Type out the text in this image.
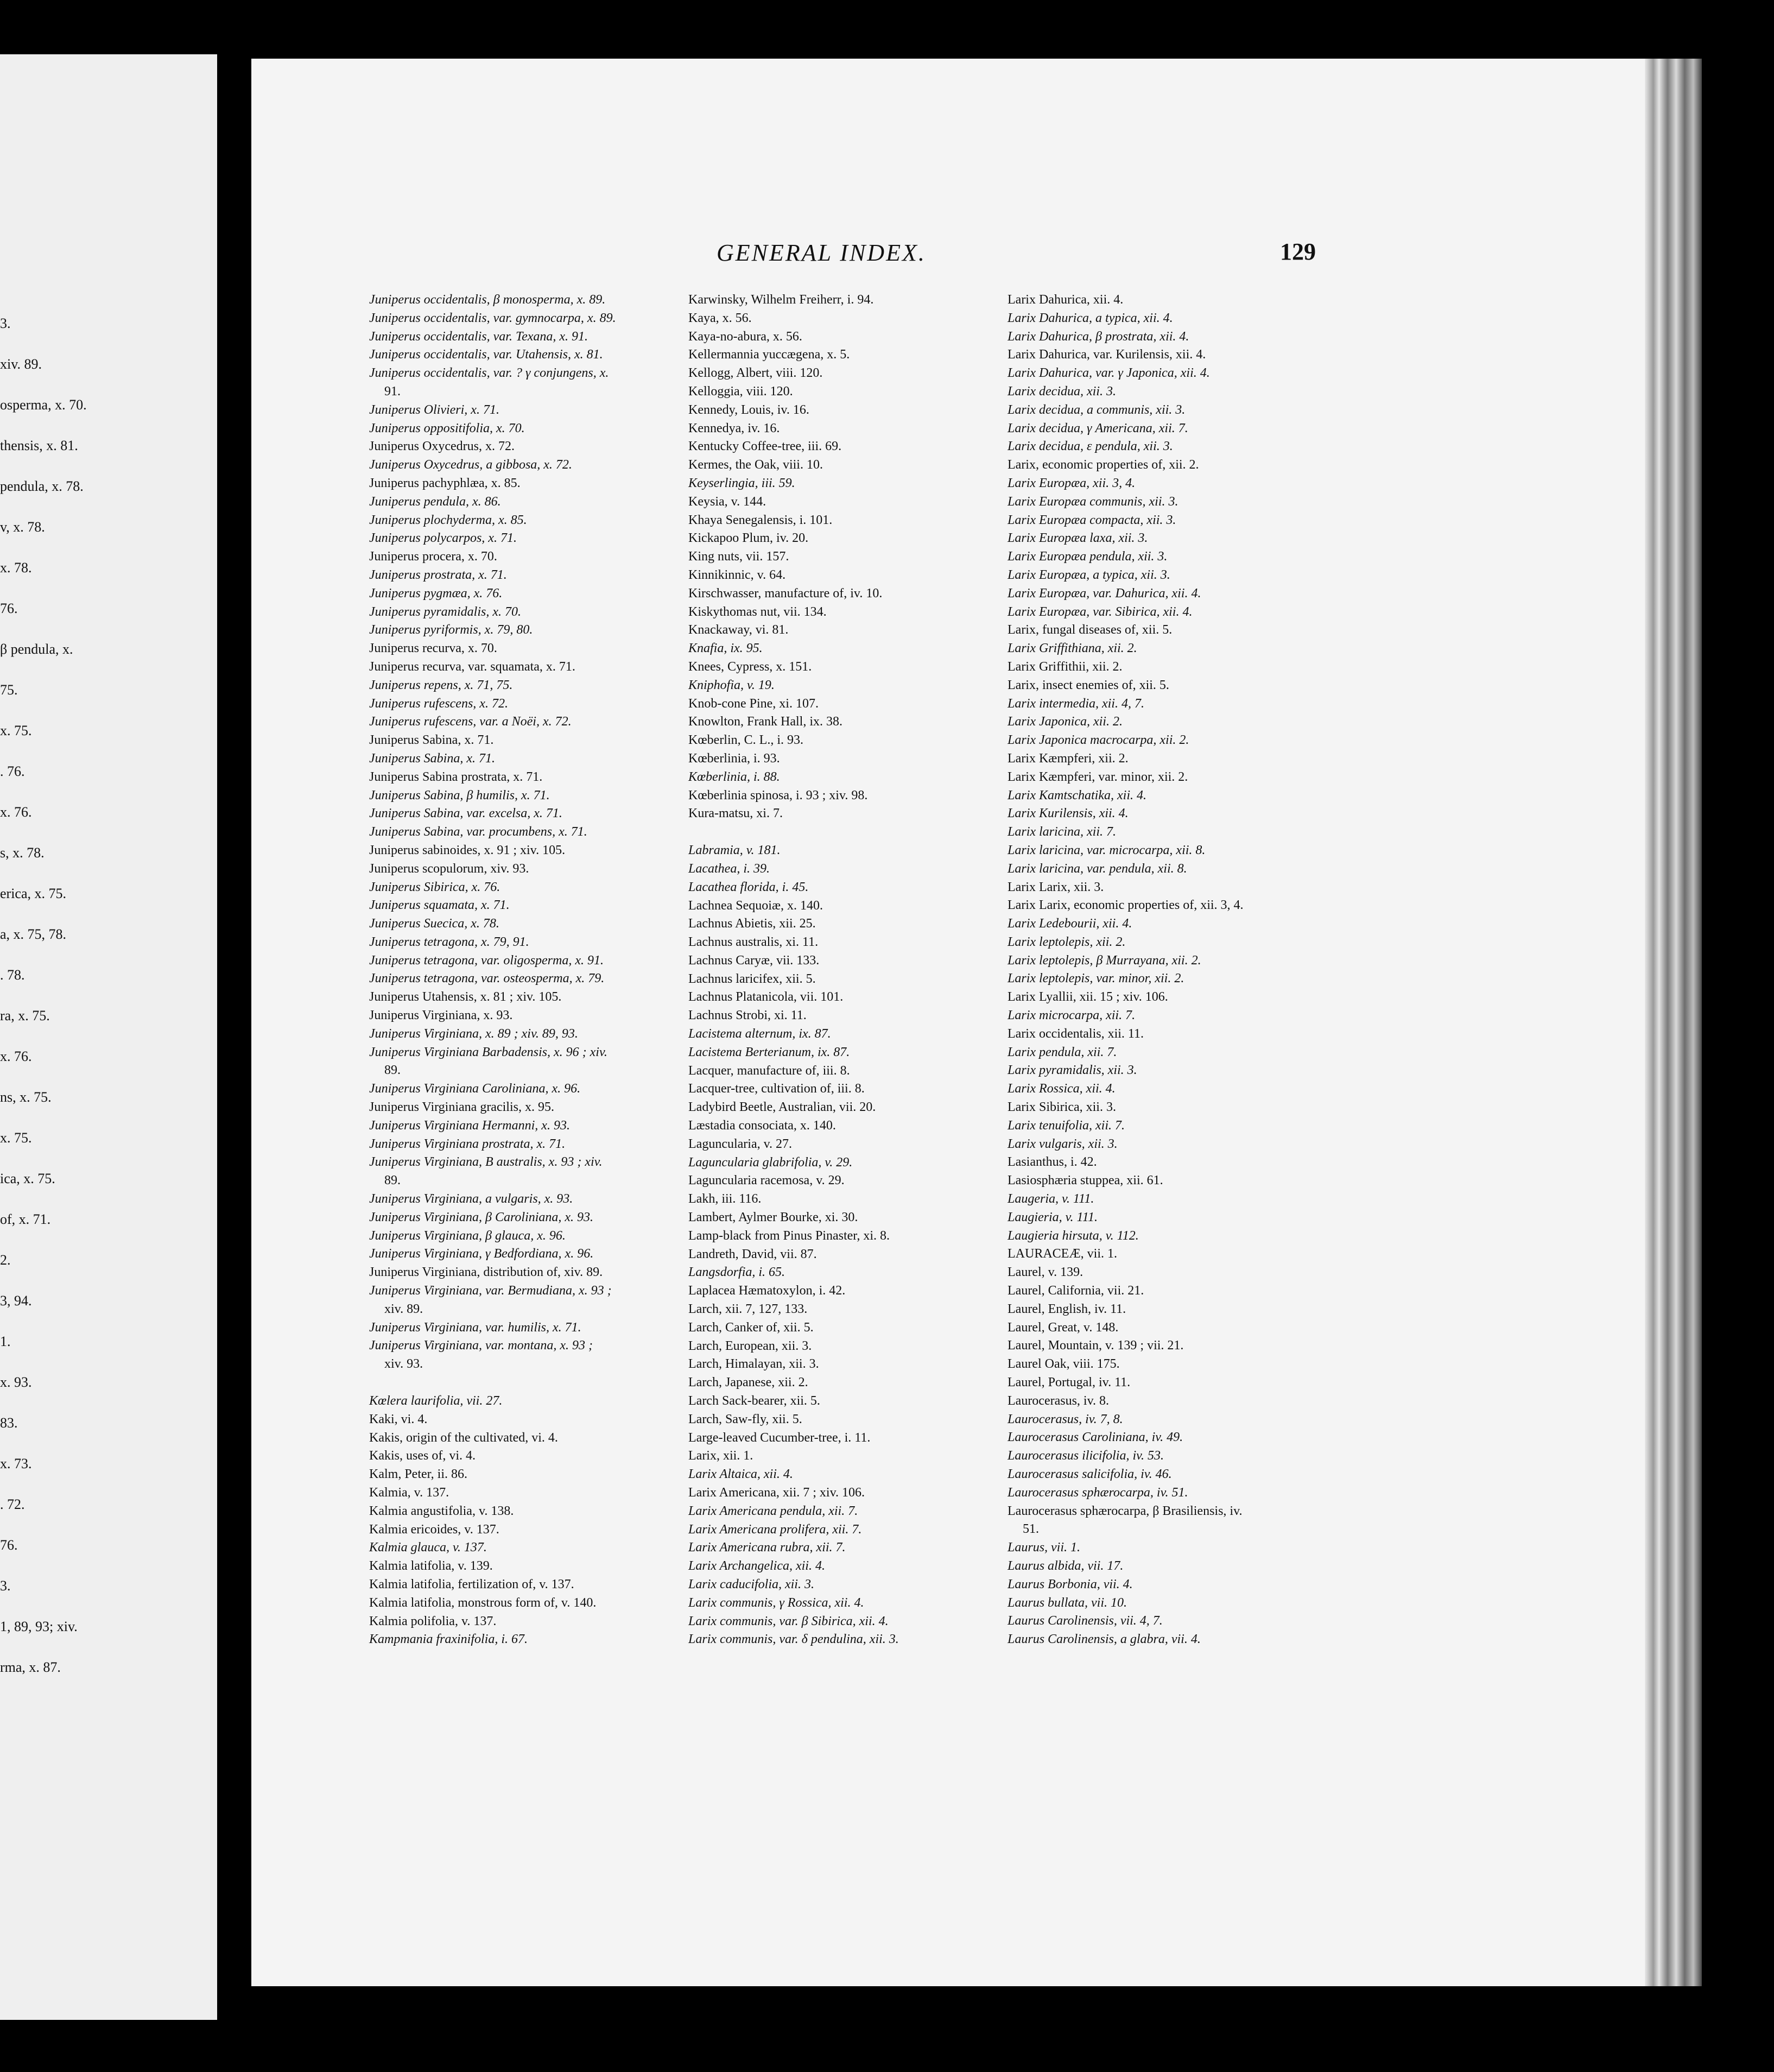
3.
xiv. 89.
osperma, x. 70.
thensis, x. 81.
pendula, x. 78.
v, x. 78.
x. 78.
76.
β pendula, x.
75.
x. 75.
. 76.
x. 76.
s, x. 78.
erica, x. 75.
a, x. 75, 78.
. 78.
ra, x. 75.
x. 76.
ns, x. 75.
x. 75.
ica, x. 75.
of, x. 71.
2.
3, 94.
1.
x. 93.
83.
x. 73.
. 72.
76.
3.
1, 89, 93; xiv.
rma, x. 87.
GENERAL INDEX.	129
Juniperus occidentalis, β monosperma, x. 89.
Juniperus occidentalis, var. gymnocarpa, x. 89.
Juniperus occidentalis, var. Texana, x. 91.
Juniperus occidentalis, var. Utahensis, x. 81.
Juniperus occidentalis, var. ? γ conjungens, x.
91.
Juniperus Olivieri, x. 71.
Juniperus oppositifolia, x. 70.
Juniperus Oxycedrus, x. 72.
Juniperus Oxycedrus, a gibbosa, x. 72.
Juniperus pachyphlæa, x. 85.
Juniperus pendula, x. 86.
Juniperus plochyderma, x. 85.
Juniperus polycarpos, x. 71.
Juniperus procera, x. 70.
Juniperus prostrata, x. 71.
Juniperus pygmæa, x. 76.
Juniperus pyramidalis, x. 70.
Juniperus pyriformis, x. 79, 80.
Juniperus recurva, x. 70.
Juniperus recurva, var. squamata, x. 71.
Juniperus repens, x. 71, 75.
Juniperus rufescens, x. 72.
Juniperus rufescens, var. a Noëi, x. 72.
Juniperus Sabina, x. 71.
Juniperus Sabina, x. 71.
Juniperus Sabina prostrata, x. 71.
Juniperus Sabina, β humilis, x. 71.
Juniperus Sabina, var. excelsa, x. 71.
Juniperus Sabina, var. procumbens, x. 71.
Juniperus sabinoides, x. 91 ; xiv. 105.
Juniperus scopulorum, xiv. 93.
Juniperus Sibirica, x. 76.
Juniperus squamata, x. 71.
Juniperus Suecica, x. 78.
Juniperus tetragona, x. 79, 91.
Juniperus tetragona, var. oligosperma, x. 91.
Juniperus tetragona, var. osteosperma, x. 79.
Juniperus Utahensis, x. 81 ; xiv. 105.
Juniperus Virginiana, x. 93.
Juniperus Virginiana, x. 89 ; xiv. 89, 93.
Juniperus Virginiana Barbadensis, x. 96 ; xiv.
89.
Juniperus Virginiana Caroliniana, x. 96.
Juniperus Virginiana gracilis, x. 95.
Juniperus Virginiana Hermanni, x. 93.
Juniperus Virginiana prostrata, x. 71.
Juniperus Virginiana, B australis, x. 93 ; xiv.
89.
Juniperus Virginiana, a vulgaris, x. 93.
Juniperus Virginiana, β Caroliniana, x. 93.
Juniperus Virginiana, β glauca, x. 96.
Juniperus Virginiana, γ Bedfordiana, x. 96.
Juniperus Virginiana, distribution of, xiv. 89.
Juniperus Virginiana, var. Bermudiana, x. 93 ;
xiv. 89.
Juniperus Virginiana, var. humilis, x. 71.
Juniperus Virginiana, var. montana, x. 93 ;
xiv. 93.
Kœlera laurifolia, vii. 27.
Kaki, vi. 4.
Kakis, origin of the cultivated, vi. 4.
Kakis, uses of, vi. 4.
Kalm, Peter, ii. 86.
Kalmia, v. 137.
Kalmia angustifolia, v. 138.
Kalmia ericoides, v. 137.
Kalmia glauca, v. 137.
Kalmia latifolia, v. 139.
Kalmia latifolia, fertilization of, v. 137.
Kalmia latifolia, monstrous form of, v. 140.
Kalmia polifolia, v. 137.
Kampmania fraxinifolia, i. 67.
Karwinsky, Wilhelm Freiherr, i. 94.
Kaya, x. 56.
Kaya-no-abura, x. 56.
Kellermannia yuccægena, x. 5.
Kellogg, Albert, viii. 120.
Kelloggia, viii. 120.
Kennedy, Louis, iv. 16.
Kennedya, iv. 16.
Kentucky Coffee-tree, iii. 69.
Kermes, the Oak, viii. 10.
Keyserlingia, iii. 59.
Keysia, v. 144.
Khaya Senegalensis, i. 101.
Kickapoo Plum, iv. 20.
King nuts, vii. 157.
Kinnikinnic, v. 64.
Kirschwasser, manufacture of, iv. 10.
Kiskythomas nut, vii. 134.
Knackaway, vi. 81.
Knafia, ix. 95.
Knees, Cypress, x. 151.
Kniphofia, v. 19.
Knob-cone Pine, xi. 107.
Knowlton, Frank Hall, ix. 38.
Kœberlin, C. L., i. 93.
Kœberlinia, i. 93.
Kœberlinia, i. 88.
Kœberlinia spinosa, i. 93 ; xiv. 98.
Kura-matsu, xi. 7.
Labramia, v. 181.
Lacathea, i. 39.
Lacathea florida, i. 45.
Lachnea Sequoiæ, x. 140.
Lachnus Abietis, xii. 25.
Lachnus australis, xi. 11.
Lachnus Caryæ, vii. 133.
Lachnus laricifex, xii. 5.
Lachnus Platanicola, vii. 101.
Lachnus Strobi, xi. 11.
Lacistema alternum, ix. 87.
Lacistema Berterianum, ix. 87.
Lacquer, manufacture of, iii. 8.
Lacquer-tree, cultivation of, iii. 8.
Ladybird Beetle, Australian, vii. 20.
Læstadia consociata, x. 140.
Laguncularia, v. 27.
Laguncularia glabrifolia, v. 29.
Laguncularia racemosa, v. 29.
Lakh, iii. 116.
Lambert, Aylmer Bourke, xi. 30.
Lamp-black from Pinus Pinaster, xi. 8.
Landreth, David, vii. 87.
Langsdorfia, i. 65.
Laplacea Hæmatoxylon, i. 42.
Larch, xii. 7, 127, 133.
Larch, Canker of, xii. 5.
Larch, European, xii. 3.
Larch, Himalayan, xii. 3.
Larch, Japanese, xii. 2.
Larch Sack-bearer, xii. 5.
Larch, Saw-fly, xii. 5.
Large-leaved Cucumber-tree, i. 11.
Larix, xii. 1.
Larix Altaica, xii. 4.
Larix Americana, xii. 7 ; xiv. 106.
Larix Americana pendula, xii. 7.
Larix Americana prolifera, xii. 7.
Larix Americana rubra, xii. 7.
Larix Archangelica, xii. 4.
Larix caducifolia, xii. 3.
Larix communis, γ Rossica, xii. 4.
Larix communis, var. β Sibirica, xii. 4.
Larix communis, var. δ pendulina, xii. 3.
Larix Dahurica, xii. 4.
Larix Dahurica, a typica, xii. 4.
Larix Dahurica, β prostrata, xii. 4.
Larix Dahurica, var. Kurilensis, xii. 4.
Larix Dahurica, var. γ Japonica, xii. 4.
Larix decidua, xii. 3.
Larix decidua, a communis, xii. 3.
Larix decidua, γ Americana, xii. 7.
Larix decidua, ε pendula, xii. 3.
Larix, economic properties of, xii. 2.
Larix Europæa, xii. 3, 4.
Larix Europæa communis, xii. 3.
Larix Europæa compacta, xii. 3.
Larix Europæa laxa, xii. 3.
Larix Europæa pendula, xii. 3.
Larix Europæa, a typica, xii. 3.
Larix Europæa, var. Dahurica, xii. 4.
Larix Europæa, var. Sibirica, xii. 4.
Larix, fungal diseases of, xii. 5.
Larix Griffithiana, xii. 2.
Larix Griffithii, xii. 2.
Larix, insect enemies of, xii. 5.
Larix intermedia, xii. 4, 7.
Larix Japonica, xii. 2.
Larix Japonica macrocarpa, xii. 2.
Larix Kæmpferi, xii. 2.
Larix Kæmpferi, var. minor, xii. 2.
Larix Kamtschatika, xii. 4.
Larix Kurilensis, xii. 4.
Larix laricina, xii. 7.
Larix laricina, var. microcarpa, xii. 8.
Larix laricina, var. pendula, xii. 8.
Larix Larix, xii. 3.
Larix Larix, economic properties of, xii. 3, 4.
Larix Ledebourii, xii. 4.
Larix leptolepis, xii. 2.
Larix leptolepis, β Murrayana, xii. 2.
Larix leptolepis, var. minor, xii. 2.
Larix Lyallii, xii. 15 ; xiv. 106.
Larix microcarpa, xii. 7.
Larix occidentalis, xii. 11.
Larix pendula, xii. 7.
Larix pyramidalis, xii. 3.
Larix Rossica, xii. 4.
Larix Sibirica, xii. 3.
Larix tenuifolia, xii. 7.
Larix vulgaris, xii. 3.
Lasianthus, i. 42.
Lasiosphæria stuppea, xii. 61.
Laugeria, v. 111.
Laugieria, v. 111.
Laugieria hirsuta, v. 112.
LAURACEÆ, vii. 1.
Laurel, v. 139.
Laurel, California, vii. 21.
Laurel, English, iv. 11.
Laurel, Great, v. 148.
Laurel, Mountain, v. 139 ; vii. 21.
Laurel Oak, viii. 175.
Laurel, Portugal, iv. 11.
Laurocerasus, iv. 8.
Laurocerasus, iv. 7, 8.
Laurocerasus Caroliniana, iv. 49.
Laurocerasus ilicifolia, iv. 53.
Laurocerasus salicifolia, iv. 46.
Laurocerasus sphærocarpa, iv. 51.
Laurocerasus sphærocarpa, β Brasiliensis, iv.
51.
Laurus, vii. 1.
Laurus albida, vii. 17.
Laurus Borbonia, vii. 4.
Laurus bullata, vii. 10.
Laurus Carolinensis, vii. 4, 7.
Laurus Carolinensis, a glabra, vii. 4.
